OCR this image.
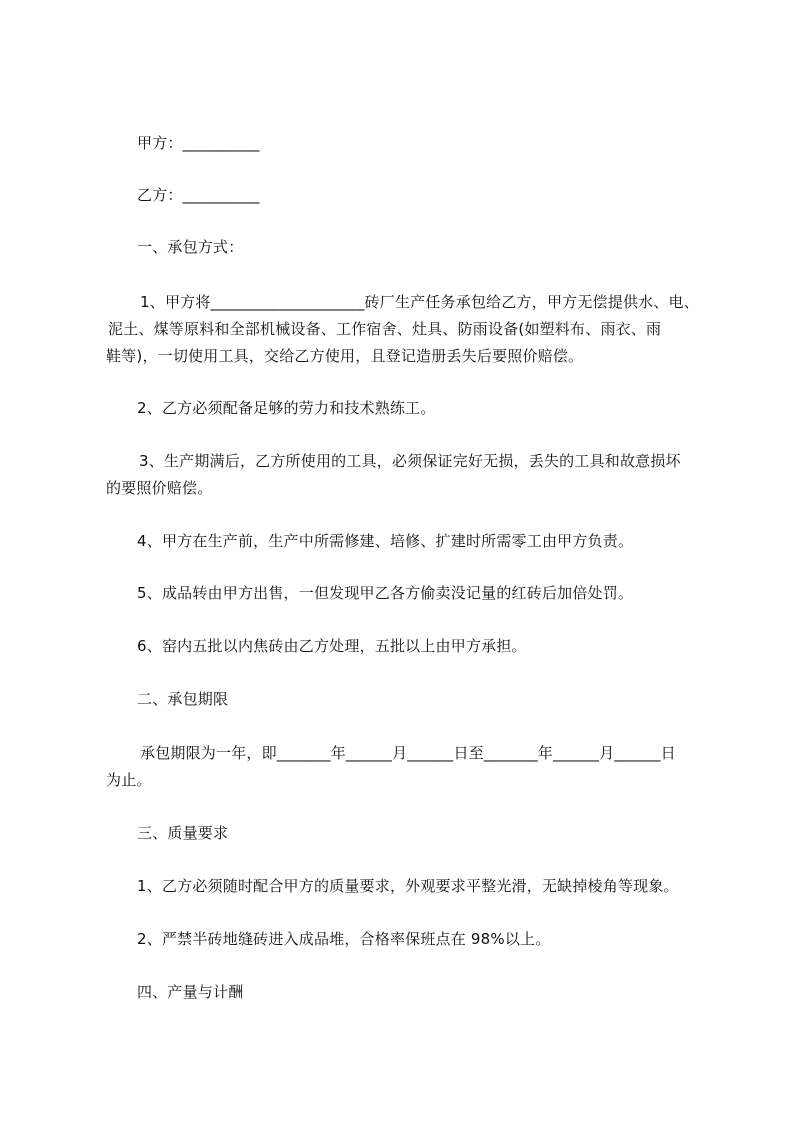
甲方：__________
乙方：__________
一、承包方式：
1、甲方将____________________砖厂生产任务承包给乙方，甲方无偿提供水、电、
泥土、煤等原料和全部机械设备、工作宿舍、灶具、防雨设备(如塑料布、雨衣、雨
鞋等)，一切使用工具，交给乙方使用，且登记造册丢失后要照价赔偿。
2、乙方必须配备足够的劳力和技术熟练工。
3、生产期满后，乙方所使用的工具，必须保证完好无损，丢失的工具和故意损坏
的要照价赔偿。
4、甲方在生产前，生产中所需修建、培修、扩建时所需零工由甲方负责。
5、成品转由甲方出售，一但发现甲乙各方偷卖没记量的红砖后加倍处罚。
6、窑内五批以内焦砖由乙方处理，五批以上由甲方承担。
二、承包期限
承包期限为一年，即_______年______月______日至_______年______月______日
为止。
三、质量要求
1、乙方必须随时配合甲方的质量要求，外观要求平整光滑，无缺掉棱角等现象。
2、严禁半砖地缝砖进入成品堆，合格率保班点在 98%以上。
四、产量与计酬
